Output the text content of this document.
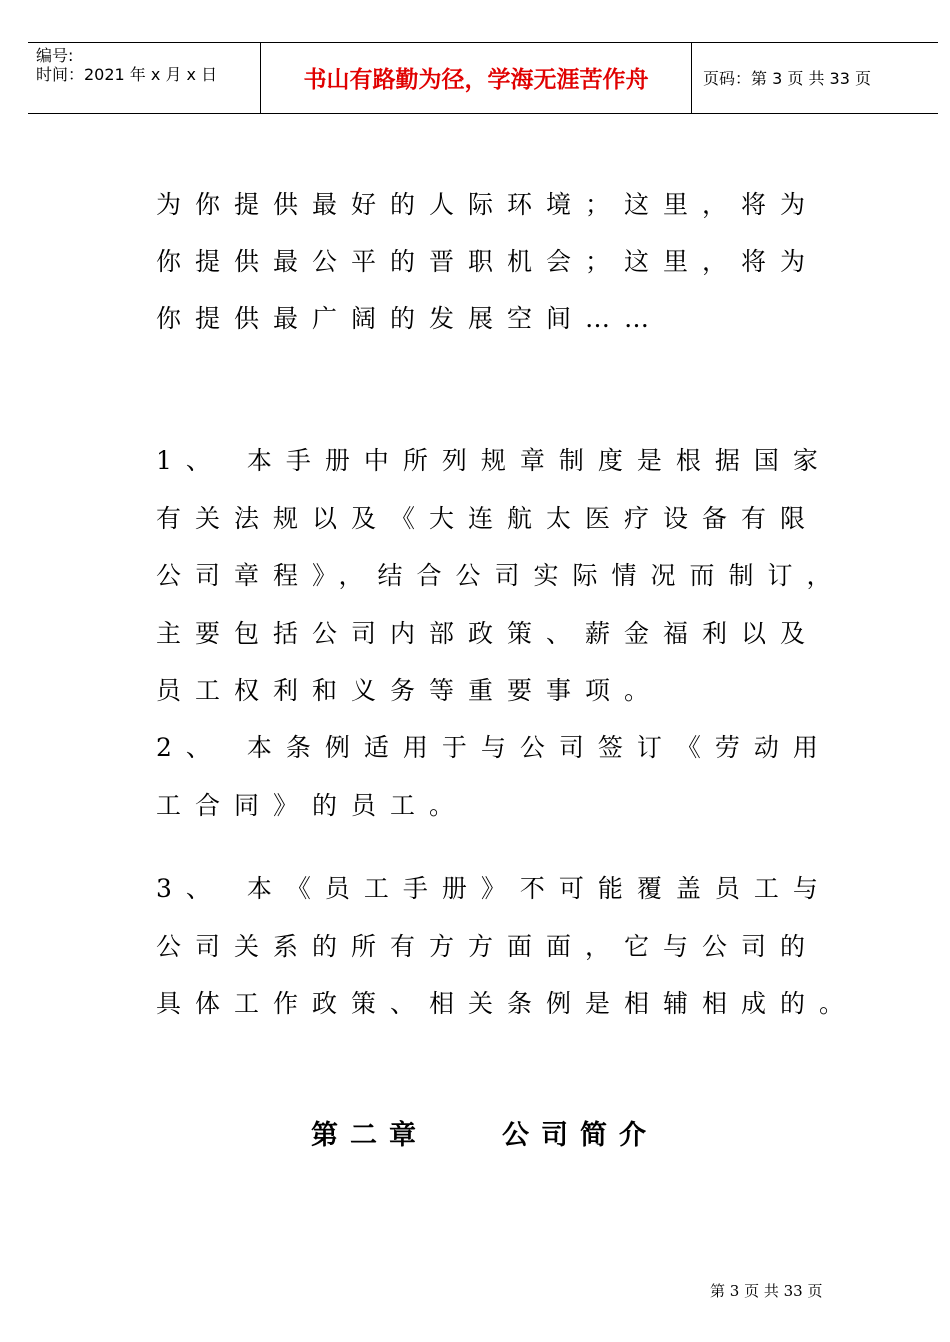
编号:
时间：2021 年 x 月 x 日	书山有路勤为径，学海无涯苦作舟	页码：第 3 页 共 33 页

为你提供最好的人际环境；这里，将为
你提供最公平的晋职机会；这里，将为
你提供最广阔的发展空间……

1、 本手册中所列规章制度是根据国家
有关法规以及《大连航太医疗设备有限
公司章程》，结合公司实际情况而制订，
主要包括公司内部政策、薪金福利以及
员工权利和义务等重要事项。

2、 本条例适用于与公司签订《劳动用
工合同》的员工。

3、 本《员工手册》不可能覆盖员工与
公司关系的所有方方面面，它与公司的
具体工作政策、相关条例是相辅相成的。

第二章	公司简介
第 3 页 共 33 页
